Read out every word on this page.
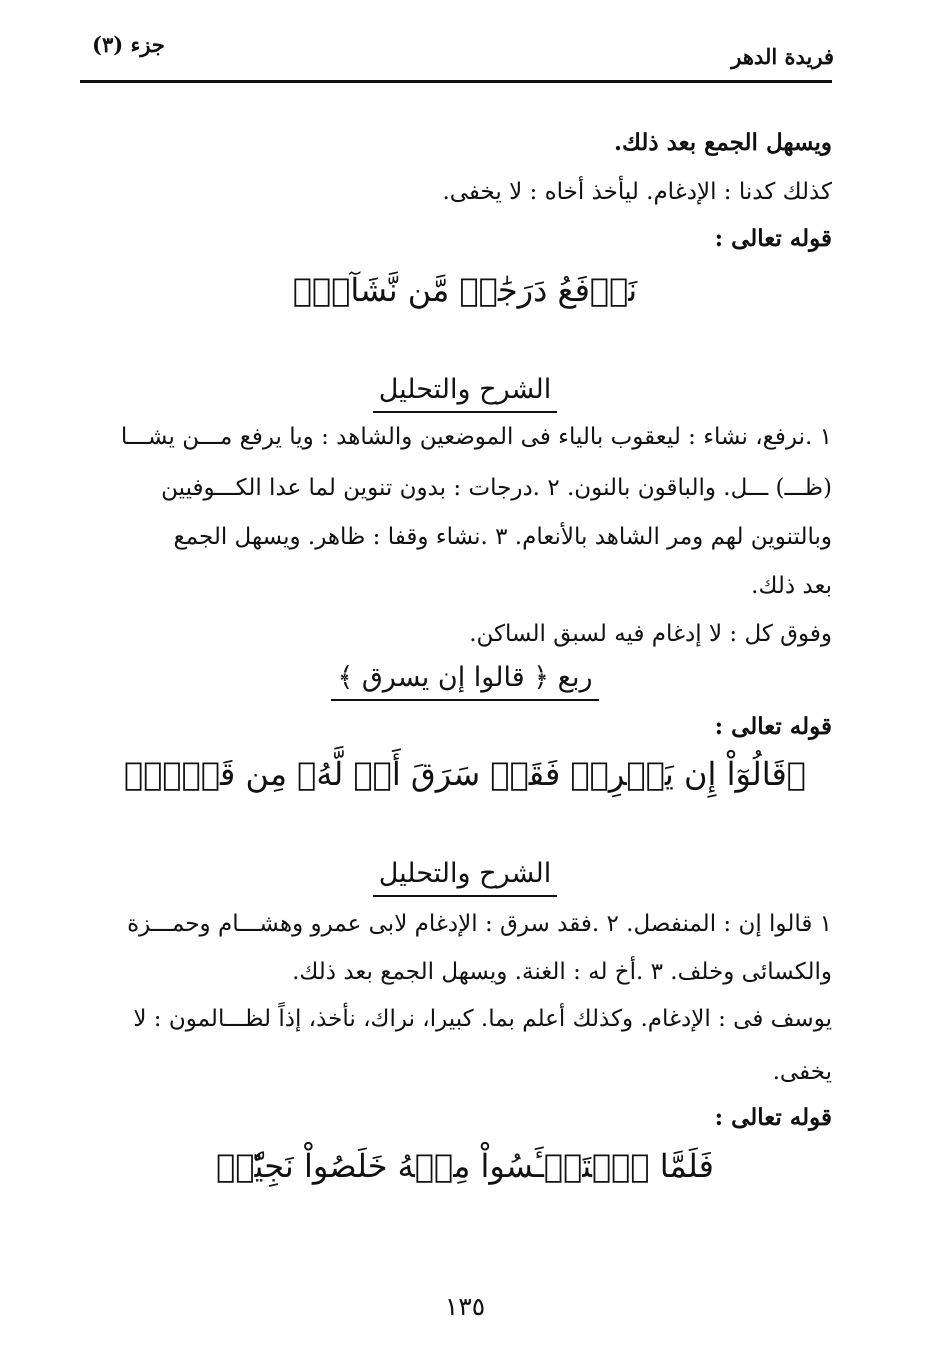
جزء (٣)	فريدة الدهر
ويسهل الجمع بعد ذلك.
كذلك كدنا : الإدغام. ليأخذ أخاه : لا يخفى.
قوله تعالى :
نَرۡفَعُ دَرَجَٰتٖ مَّن نَّشَآءُۗ
الشرح والتحليل
١ .نرفع، نشاء : ليعقوب بالياء فى الموضعين والشاهد : ويا يرفع مـــن يشـــا
(ظـــ) ـــل. والباقون بالنون. ٢ .درجات : بدون تنوين لما عدا الكـــوفيين
وبالتنوين لهم ومر الشاهد بالأنعام. ٣ .نشاء وقفا : ظاهر. ويسهل الجمع
بعد ذلك.
وفوق كل : لا إدغام فيه لسبق الساكن.
ربع ﴿ قالوا إن يسرق ﴾
قوله تعالى :
۞قَالُوٓاْ إِن يَسۡرِقۡ فَقَدۡ سَرَقَ أَخٞ لَّهُۥ مِن قَبۡلُۚ
الشرح والتحليل
١ قالوا إن : المنفصل. ٢ .فقد سرق : الإدغام لابى عمرو وهشـــام وحمـــزة
والكسائى وخلف. ٣ .أخ له : الغنة. ويسهل الجمع بعد ذلك.
يوسف فى : الإدغام. وكذلك أعلم بما. كبيرا، نراك، نأخذ، إذاً لظـــالمون : لا
يخفى.
قوله تعالى :
فَلَمَّا ٱسۡتَيۡـَٔسُواْ مِنۡهُ خَلَصُواْ نَجِيّٗاۖ
١٣٥
